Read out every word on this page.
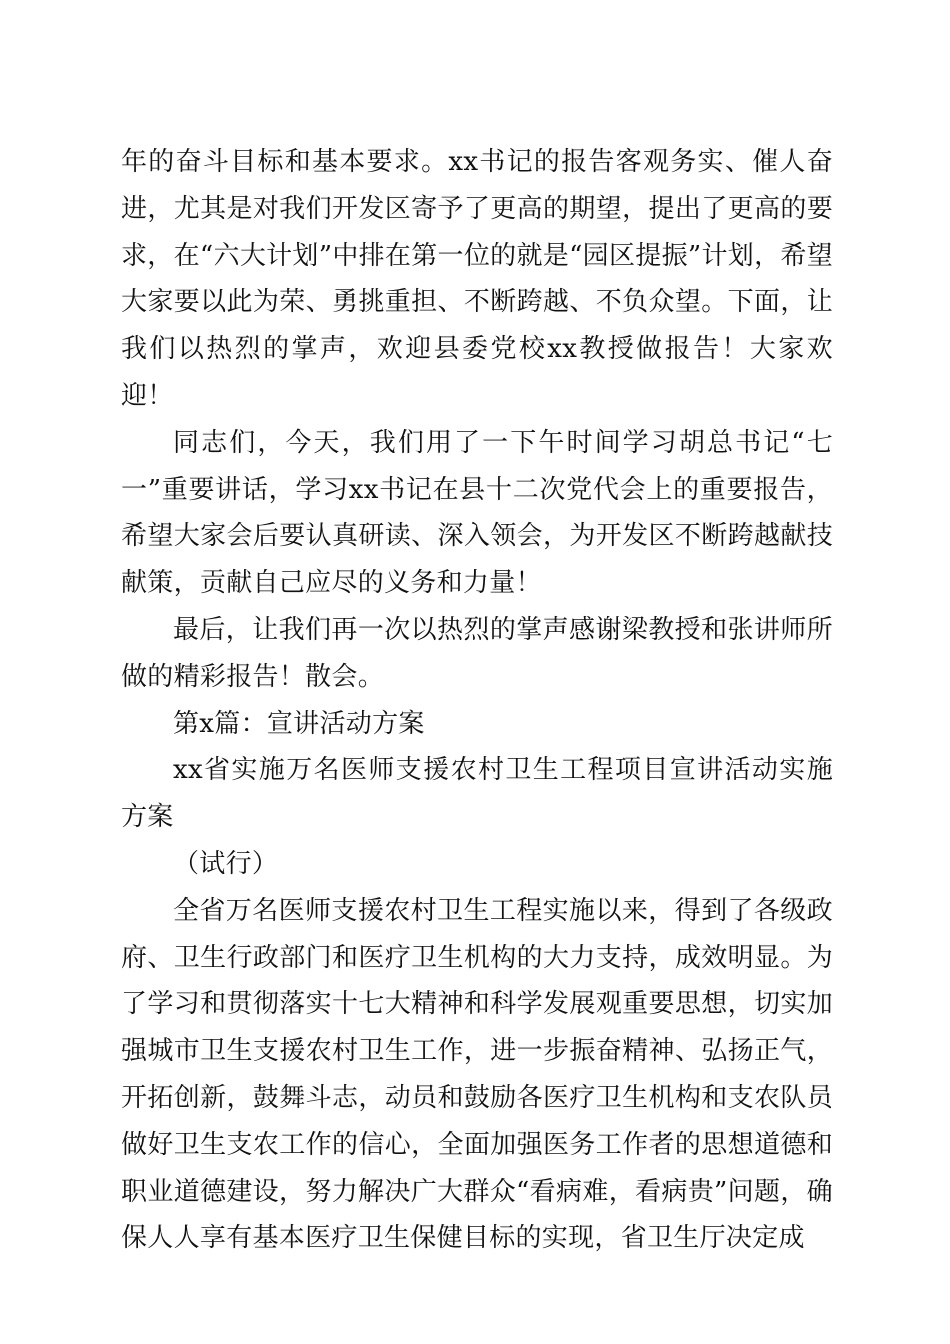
年的奋斗目标和基本要求。xx书记的报告客观务实、催人奋进，尤其是对我们开发区寄予了更高的期望，提出了更高的要求，在“六大计划”中排在第一位的就是“园区提振”计划，希望大家要以此为荣、勇挑重担、不断跨越、不负众望。下面，让我们以热烈的掌声，欢迎县委党校xx教授做报告！大家欢迎！

同志们，今天，我们用了一下午时间学习胡总书记“七一”重要讲话，学习xx书记在县十二次党代会上的重要报告，希望大家会后要认真研读、深入领会，为开发区不断跨越献技献策，贡献自己应尽的义务和力量！

最后，让我们再一次以热烈的掌声感谢梁教授和张讲师所做的精彩报告！散会。

第x篇：宣讲活动方案

xx省实施万名医师支援农村卫生工程项目宣讲活动实施方案

（试行）

全省万名医师支援农村卫生工程实施以来，得到了各级政府、卫生行政部门和医疗卫生机构的大力支持，成效明显。为了学习和贯彻落实十七大精神和科学发展观重要思想，切实加强城市卫生支援农村卫生工作，进一步振奋精神、弘扬正气，开拓创新，鼓舞斗志，动员和鼓励各医疗卫生机构和支农队员做好卫生支农工作的信心，全面加强医务工作者的思想道德和职业道德建设，努力解决广大群众“看病难，看病贵”问题，确保人人享有基本医疗卫生保健目标的实现，省卫生厅决定成
